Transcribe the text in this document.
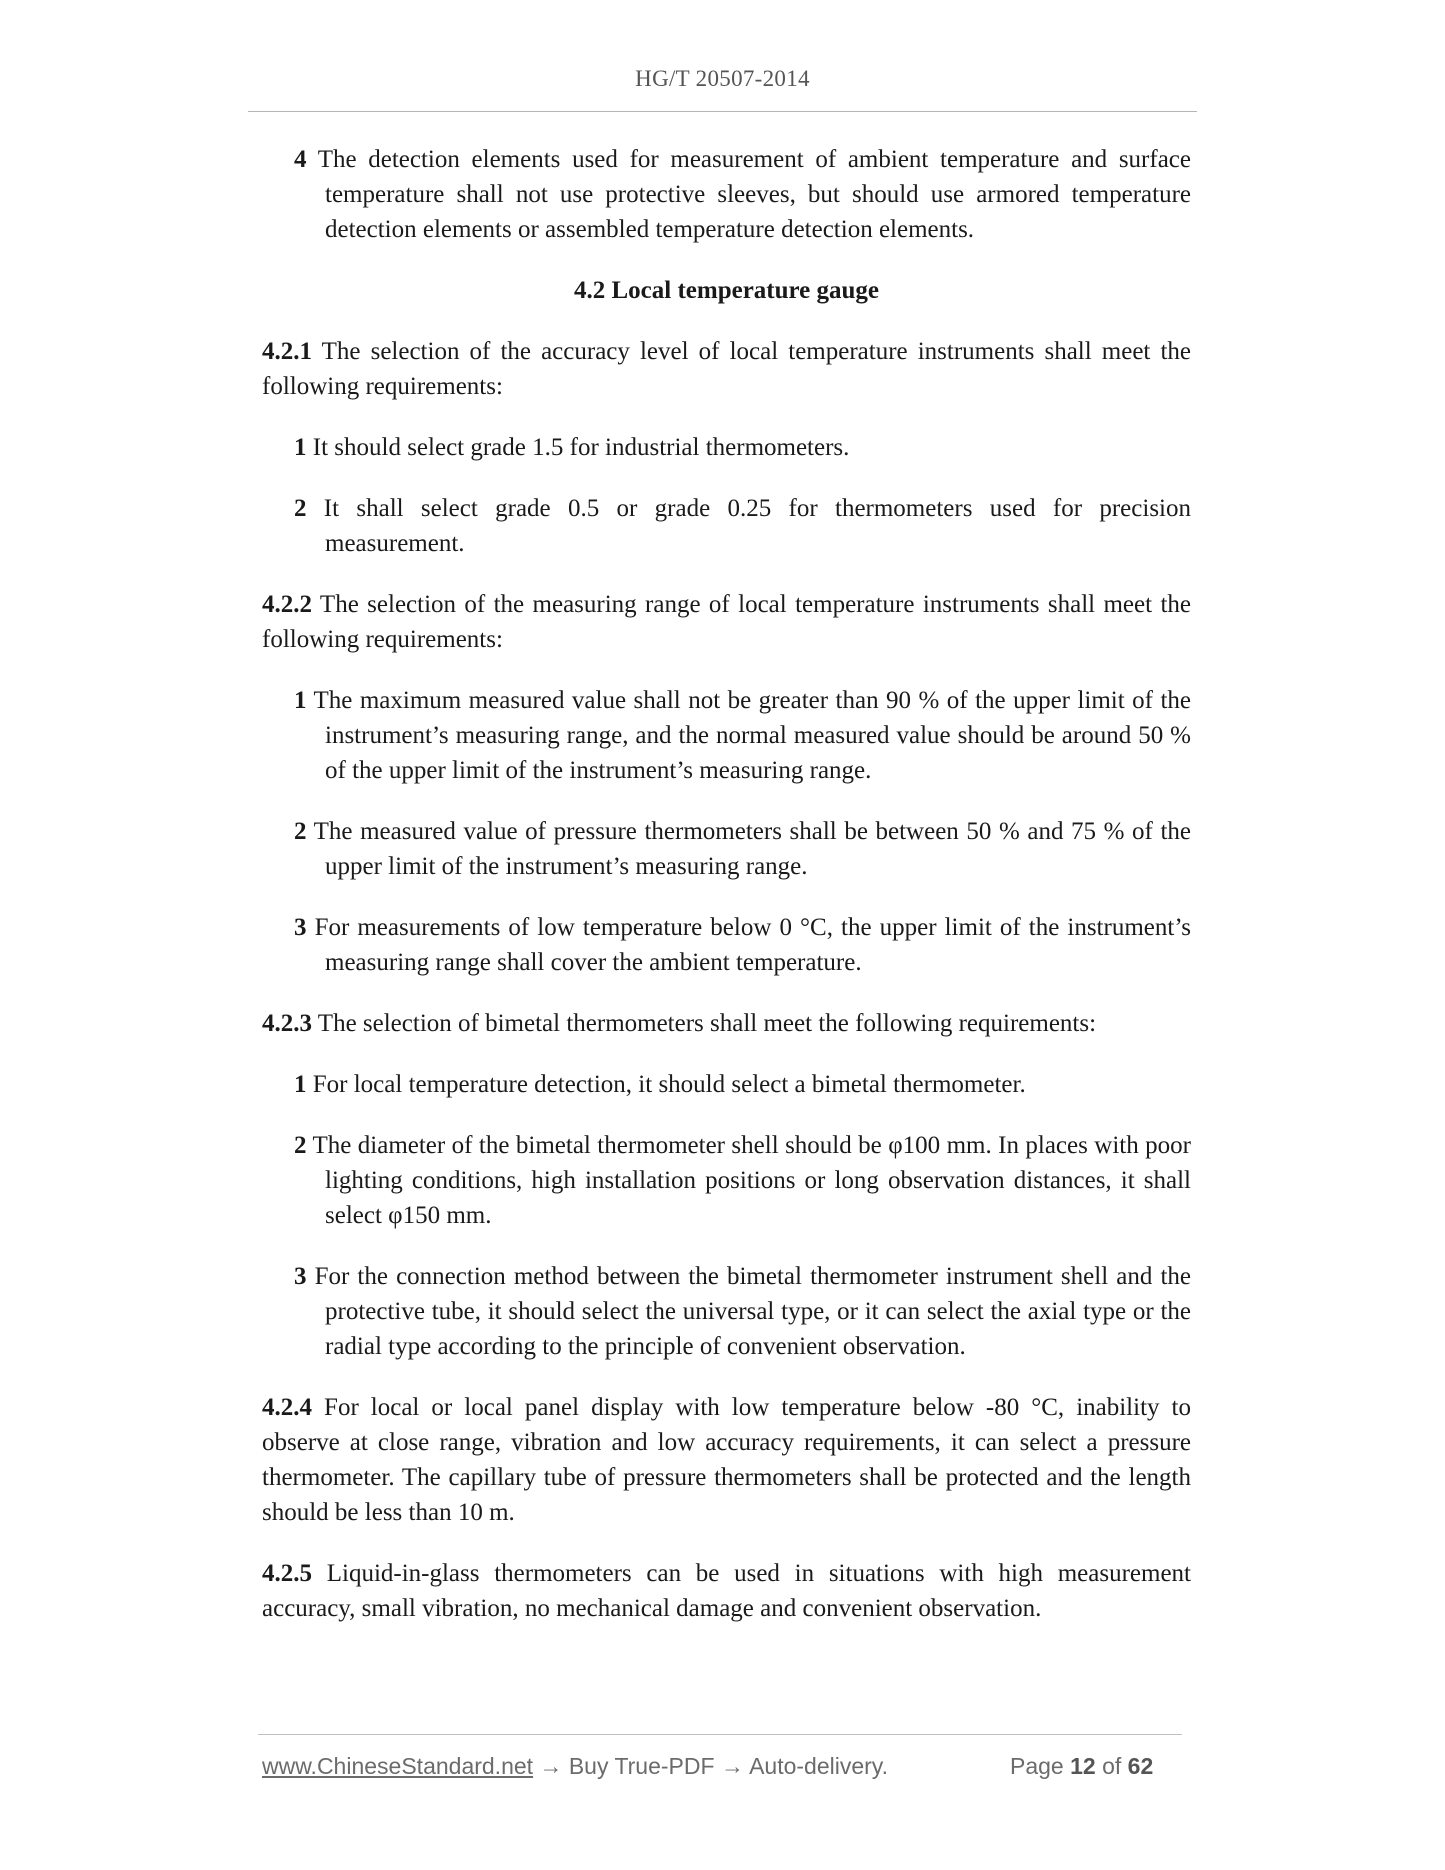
HG/T 20507-2014

4 The detection elements used for measurement of ambient temperature and surface temperature shall not use protective sleeves, but should use armored temperature detection elements or assembled temperature detection elements.

4.2 Local temperature gauge

4.2.1 The selection of the accuracy level of local temperature instruments shall meet the following requirements:

1 It should select grade 1.5 for industrial thermometers.

2 It shall select grade 0.5 or grade 0.25 for thermometers used for precision measurement.

4.2.2 The selection of the measuring range of local temperature instruments shall meet the following requirements:

1 The maximum measured value shall not be greater than 90 % of the upper limit of the instrument’s measuring range, and the normal measured value should be around 50 % of the upper limit of the instrument’s measuring range.

2 The measured value of pressure thermometers shall be between 50 % and 75 % of the upper limit of the instrument’s measuring range.

3 For measurements of low temperature below 0 °C, the upper limit of the instrument’s measuring range shall cover the ambient temperature.

4.2.3 The selection of bimetal thermometers shall meet the following requirements:

1 For local temperature detection, it should select a bimetal thermometer.

2 The diameter of the bimetal thermometer shell should be φ100 mm. In places with poor lighting conditions, high installation positions or long observation distances, it shall select φ150 mm.

3 For the connection method between the bimetal thermometer instrument shell and the protective tube, it should select the universal type, or it can select the axial type or the radial type according to the principle of convenient observation.

4.2.4 For local or local panel display with low temperature below -80 °C, inability to observe at close range, vibration and low accuracy requirements, it can select a pressure thermometer. The capillary tube of pressure thermometers shall be protected and the length should be less than 10 m.

4.2.5 Liquid-in-glass thermometers can be used in situations with high measurement accuracy, small vibration, no mechanical damage and convenient observation.

www.ChineseStandard.net → Buy True-PDF → Auto-delivery.	Page 12 of 62
